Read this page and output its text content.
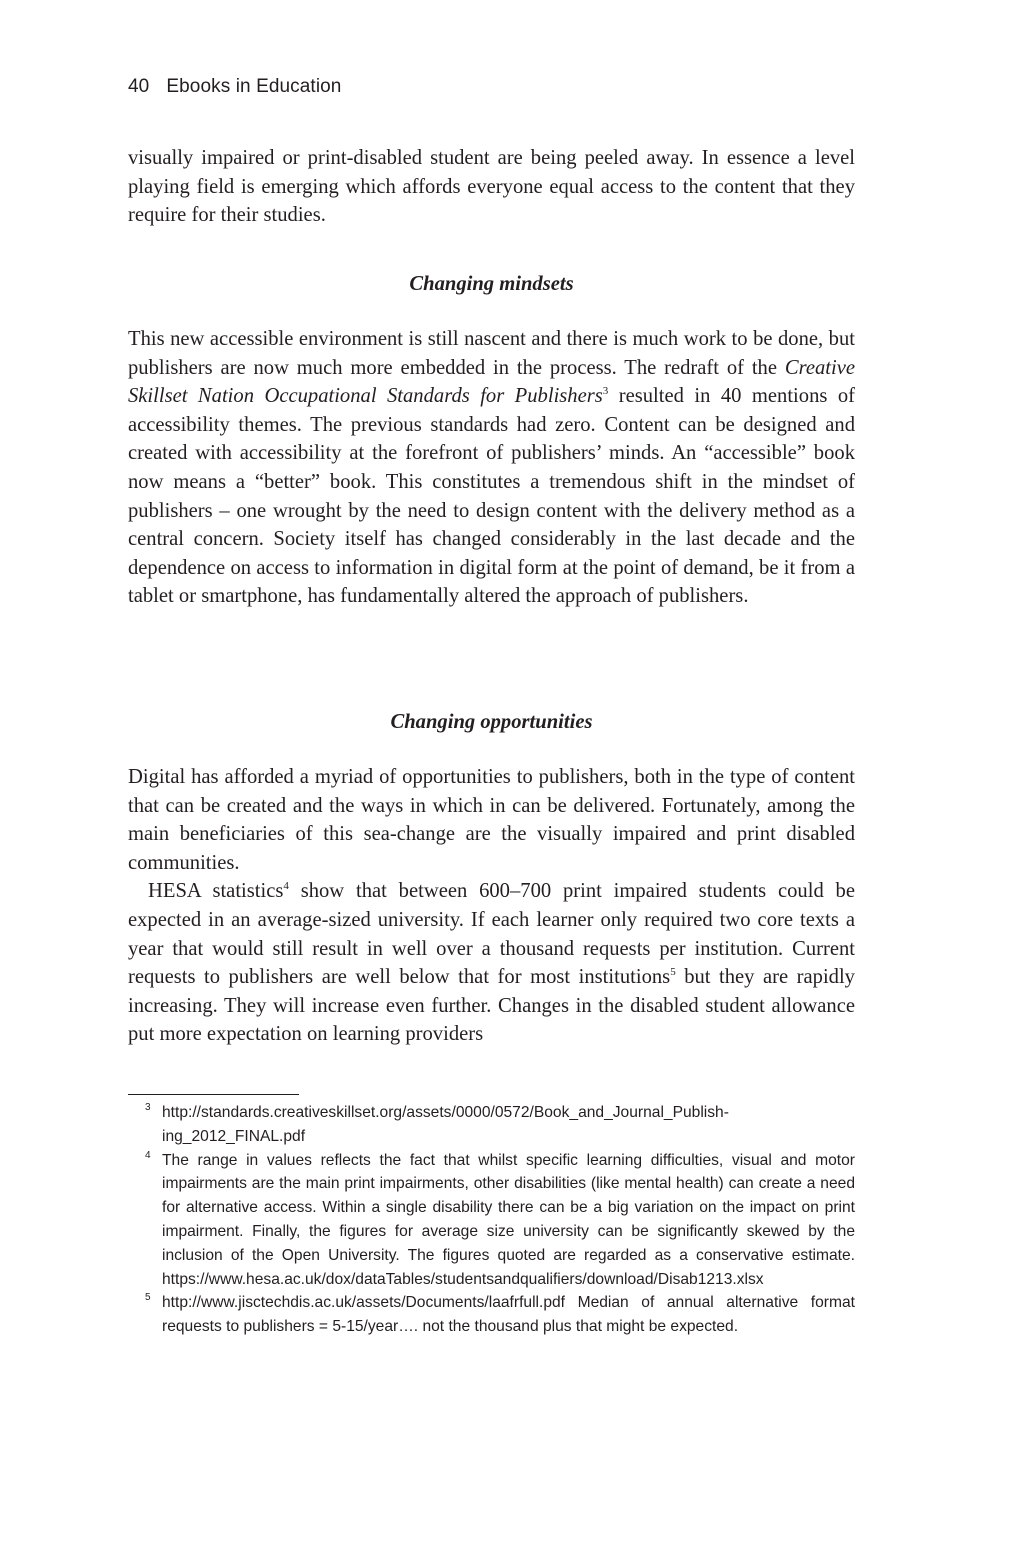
40 Ebooks in Education

visually impaired or print-disabled student are being peeled away. In essence a level playing field is emerging which affords everyone equal access to the content that they require for their studies.

Changing mindsets

This new accessible environment is still nascent and there is much work to be done, but publishers are now much more embedded in the process. The redraft of the Creative Skillset Nation Occupational Standards for Publishers$^3$ resulted in 40 mentions of accessibility themes. The previous standards had zero. Content can be designed and created with accessibility at the forefront of publishers’ minds. An “accessible” book now means a “better” book. This constitutes a tremendous shift in the mindset of publishers – one wrought by the need to design content with the delivery method as a central concern. Society itself has changed considerably in the last decade and the dependence on access to information in digital form at the point of demand, be it from a tablet or smartphone, has fundamentally altered the approach of publishers.

Changing opportunities

Digital has afforded a myriad of opportunities to publishers, both in the type of content that can be created and the ways in which in can be delivered. Fortunately, among the main beneficiaries of this sea-change are the visually impaired and print disabled communities.

HESA statistics$^4$ show that between 600–700 print impaired students could be expected in an average-sized university. If each learner only required two core texts a year that would still result in well over a thousand requests per institution. Current requests to publishers are well below that for most institutions$^5$ but they are rapidly increasing. They will increase even further. Changes in the disabled student allowance put more expectation on learning providers

3 http://standards.creativeskillset.org/assets/0000/0572/Book_and_Journal_Publishing_2012_FINAL.pdf
4 The range in values reflects the fact that whilst specific learning difficulties, visual and motor impairments are the main print impairments, other disabilities (like mental health) can create a need for alternative access. Within a single disability there can be a big variation on the impact on print impairment. Finally, the figures for average size university can be significantly skewed by the inclusion of the Open University. The figures quoted are regarded as a conservative estimate. https://www.hesa.ac.uk/dox/dataTables/studentsandqualifiers/download/Disab1213.xlsx
5 http://www.jisctechdis.ac.uk/assets/Documents/laafrfull.pdf Median of annual alternative format requests to publishers = 5-15/year…. not the thousand plus that might be expected.
